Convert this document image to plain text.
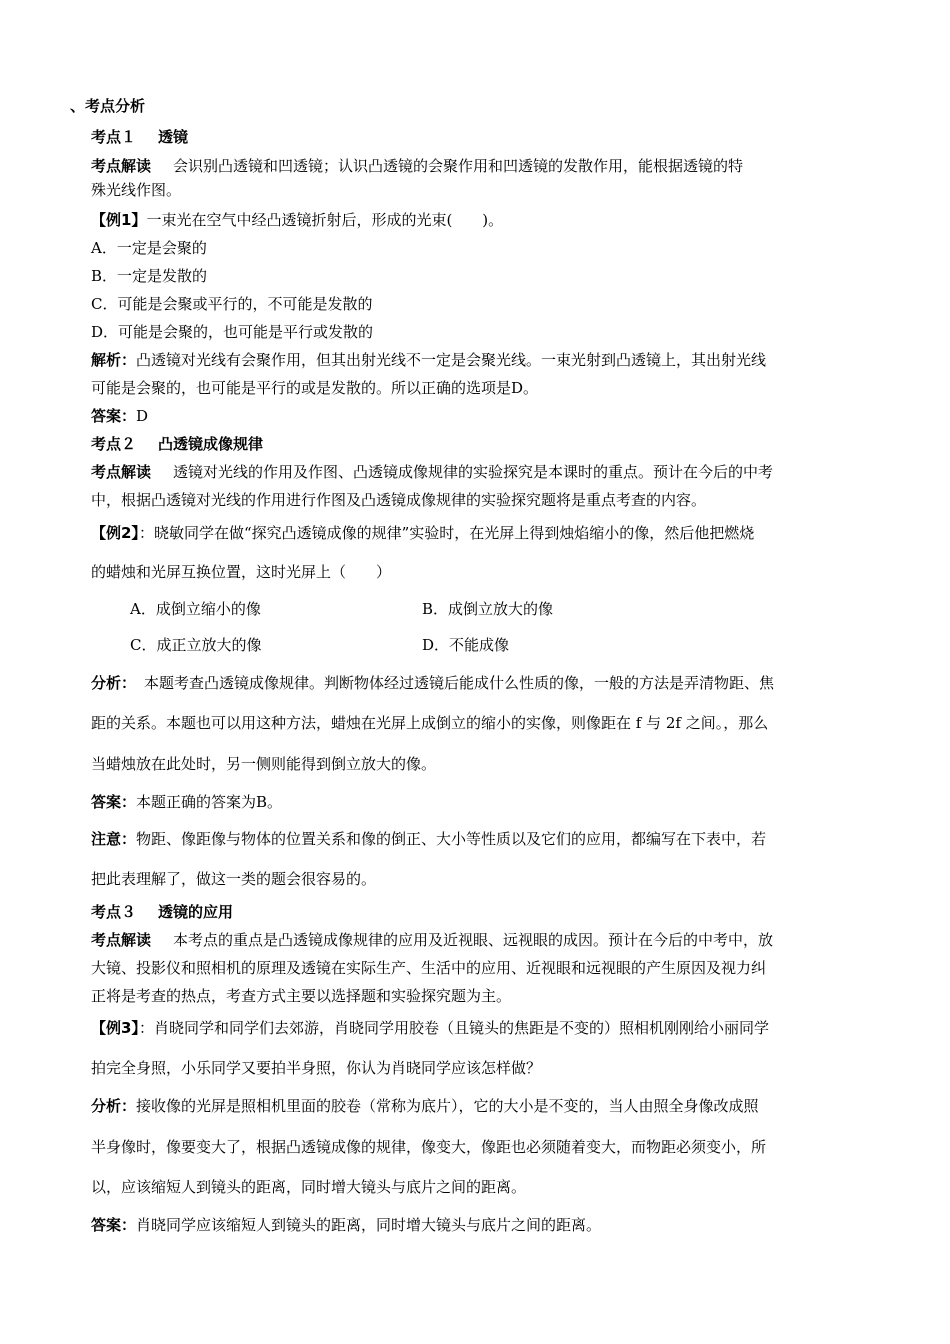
、考点分析
考点１ 透镜
考点解读 会识别凸透镜和凹透镜；认识凸透镜的会聚作用和凹透镜的发散作用，能根据透镜的特
殊光线作图。
【例1】一束光在空气中经凸透镜折射后，形成的光束(　　)。
A．一定是会聚的
B．一定是发散的
C．可能是会聚或平行的，不可能是发散的
D．可能是会聚的，也可能是平行或发散的
解析：凸透镜对光线有会聚作用，但其出射光线不一定是会聚光线。一束光射到凸透镜上，其出射光线
可能是会聚的，也可能是平行的或是发散的。所以正确的选项是D。
答案：D
考点２ 凸透镜成像规律
考点解读 透镜对光线的作用及作图、凸透镜成像规律的实验探究是本课时的重点。预计在今后的中考
中，根据凸透镜对光线的作用进行作图及凸透镜成像规律的实验探究题将是重点考查的内容。
【例2】：晓敏同学在做“探究凸透镜成像的规律”实验时，在光屏上得到烛焰缩小的像，然后他把燃烧
的蜡烛和光屏互换位置，这时光屏上（　　）
A．成倒立缩小的像	B．成倒立放大的像
C．成正立放大的像	D．不能成像
分析： 本题考查凸透镜成像规律。判断物体经过透镜后能成什么性质的像，一般的方法是弄清物距、焦
距的关系。本题也可以用这种方法，蜡烛在光屏上成倒立的缩小的实像，则像距在 f 与 2f 之间。，那么
当蜡烛放在此处时，另一侧则能得到倒立放大的像。
答案：本题正确的答案为B。
注意：物距、像距像与物体的位置关系和像的倒正、大小等性质以及它们的应用，都编写在下表中，若
把此表理解了，做这一类的题会很容易的。
考点３ 透镜的应用
考点解读 本考点的重点是凸透镜成像规律的应用及近视眼、远视眼的成因。预计在今后的中考中，放
大镜、投影仪和照相机的原理及透镜在实际生产、生活中的应用、近视眼和远视眼的产生原因及视力纠
正将是考查的热点，考查方式主要以选择题和实验探究题为主。
【例3】：肖晓同学和同学们去郊游，肖晓同学用胶卷（且镜头的焦距是不变的）照相机刚刚给小丽同学
拍完全身照，小乐同学又要拍半身照，你认为肖晓同学应该怎样做？
分析：接收像的光屏是照相机里面的胶卷（常称为底片），它的大小是不变的，当人由照全身像改成照
半身像时，像要变大了，根据凸透镜成像的规律，像变大，像距也必须随着变大，而物距必须变小，所
以，应该缩短人到镜头的距离，同时增大镜头与底片之间的距离。
答案：肖晓同学应该缩短人到镜头的距离，同时增大镜头与底片之间的距离。
